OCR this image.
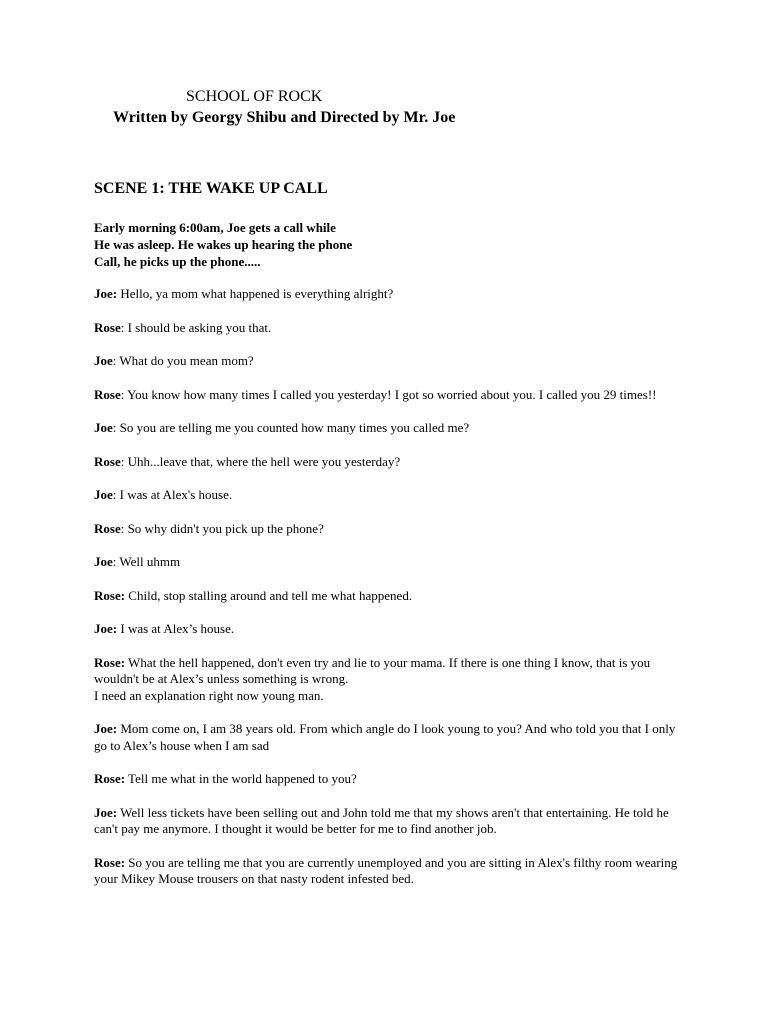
SCHOOL OF ROCK
Written by Georgy Shibu and Directed by Mr. Joe
SCENE 1: THE WAKE UP CALL
Early morning 6:00am, Joe gets a call while
He was asleep. He wakes up hearing the phone
Call, he picks up the phone.....
Joe: Hello, ya mom what happened is everything alright?
Rose: I should be asking you that.
Joe: What do you mean mom?
Rose: You know how many times I called you yesterday! I got so worried about you. I called you 29 times!!
Joe: So you are telling me you counted how many times you called me?
Rose: Uhh...leave that, where the hell were you yesterday?
Joe: I was at Alex's house.
Rose: So why didn't you pick up the phone?
Joe: Well uhmm
Rose: Child, stop stalling around and tell me what happened.
Joe: I was at Alex’s house.
Rose: What the hell happened, don't even try and lie to your mama. If there is one thing I know, that is you wouldn't be at Alex’s unless something is wrong.
I need an explanation right now young man.
Joe: Mom come on, I am 38 years old. From which angle do I look young to you? And who told you that I only go to Alex’s house when I am sad
Rose: Tell me what in the world happened to you?
Joe: Well less tickets have been selling out and John told me that my shows aren't that entertaining. He told he can't pay me anymore. I thought it would be better for me to find another job.
Rose: So you are telling me that you are currently unemployed and you are sitting in Alex's filthy room wearing your Mikey Mouse trousers on that nasty rodent infested bed.
